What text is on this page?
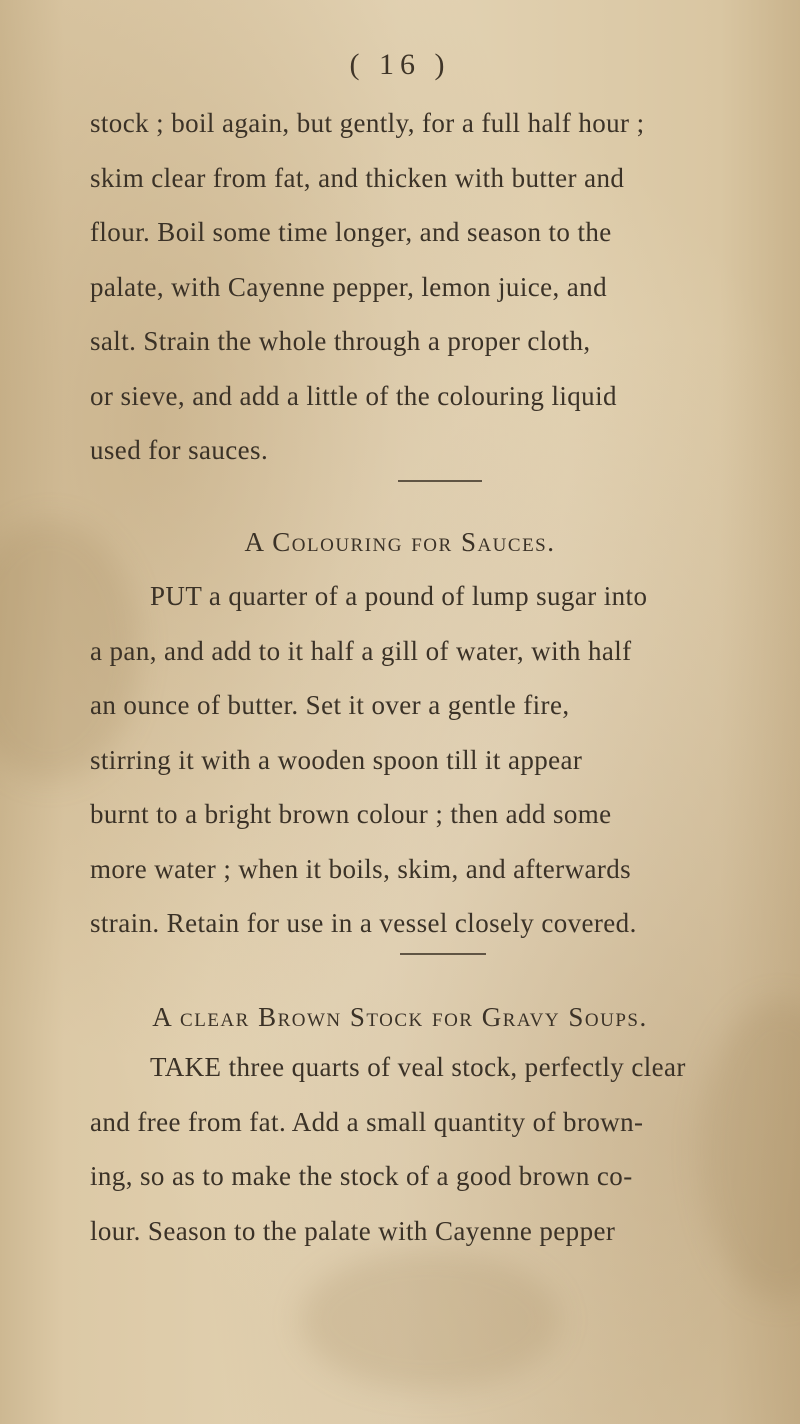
( 16 )
stock ; boil again, but gently, for a full half hour ;
skim clear from fat, and thicken with butter and
flour. Boil some time longer, and season to the
palate, with Cayenne pepper, lemon juice, and
salt. Strain the whole through a proper cloth,
or sieve, and add a little of the colouring liquid
used for sauces.
A Colouring for Sauces.
PUT a quarter of a pound of lump sugar into
a pan, and add to it half a gill of water, with half
an ounce of butter. Set it over a gentle fire,
stirring it with a wooden spoon till it appear
burnt to a bright brown colour ; then add some
more water ; when it boils, skim, and afterwards
strain. Retain for use in a vessel closely covered.
A clear Brown Stock for Gravy Soups.
TAKE three quarts of veal stock, perfectly clear
and free from fat. Add a small quantity of brown-
ing, so as to make the stock of a good brown co-
lour. Season to the palate with Cayenne pepper
